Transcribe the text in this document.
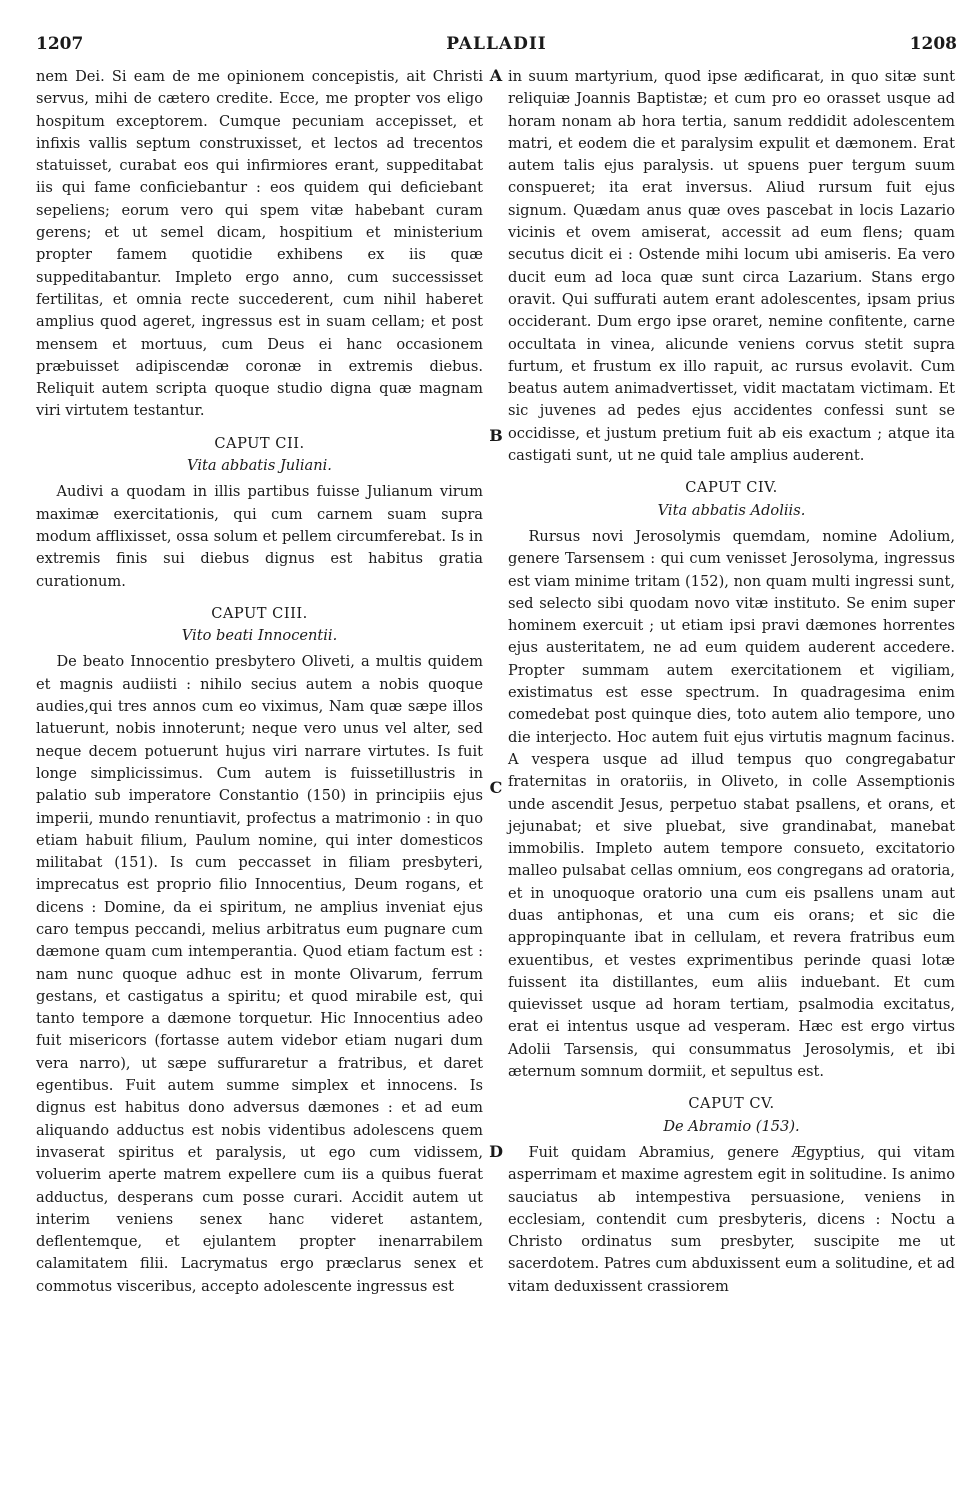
1207	PALLADII	1208

nem Dei. Si eam de me opinionem concepistis, ait Christi servus, mihi de cætero credite. Ecce, me propter vos eligo hospitum exceptorem. Cumque pecuniam accepisset, et infixis vallis septum construxisset, et lectos ad trecentos statuisset, curabat eos qui infirmiores erant, suppeditabat iis qui fame conficiebantur : eos quidem qui deficiebant sepeliens; eorum vero qui spem vitæ habebant curam gerens; et ut semel dicam, hospitium et ministerium propter famem quotidie exhibens ex iis quæ suppeditabantur. Impleto ergo anno, cum successisset fertilitas, et omnia recte succederent, cum nihil haberet amplius quod ageret, ingressus est in suam cellam; et post mensem et mortuus, cum Deus ei hanc occasionem præbuisset adipiscendæ coronæ in extremis diebus. Reliquit autem scripta quoque studio digna quæ magnam viri virtutem testantur.

CAPUT CII.
Vita abbatis Juliani.

Audivi a quodam in illis partibus fuisse Julianum virum maximæ exercitationis, qui cum carnem suam supra modum afflixisset, ossa solum et pellem circumferebat. Is in extremis finis sui diebus dignus est habitus gratia curationum.

CAPUT CIII.
Vito beati Innocentii.

De beato Innocentio presbytero Oliveti, a multis quidem et magnis audiisti : nihilo secius autem a nobis quoque audies,qui tres annos cum eo viximus, Nam quæ sæpe illos latuerunt, nobis innoterunt; neque vero unus vel alter, sed neque decem potuerunt hujus viri narrare virtutes. Is fuit longe simplicissimus. Cum autem is fuissetillustris in palatio sub imperatore Constantio (150) in principiis ejus imperii, mundo renuntiavit, profectus a matrimonio : in quo etiam habuit filium, Paulum nomine, qui inter domesticos militabat (151). Is cum peccasset in filiam presbyteri, imprecatus est proprio filio Innocentius, Deum rogans, et dicens : Domine, da ei spiritum, ne amplius inveniat ejus caro tempus peccandi, melius arbitratus eum pugnare cum dæmone quam cum intemperantia. Quod etiam factum est : nam nunc quoque adhuc est in monte Olivarum, ferrum gestans, et castigatus a spiritu; et quod mirabile est, qui tanto tempore a dæmone torquetur. Hic Innocentius adeo fuit misericors (fortasse autem videbor etiam nugari dum vera narro), ut sæpe suffuraretur a fratribus, et daret egentibus. Fuit autem summe simplex et innocens. Is dignus est habitus dono adversus dæmones : et ad eum aliquando adductus est nobis videntibus adolescens quem invaserat spiritus et paralysis, ut ego cum vidissem, voluerim aperte matrem expellere cum iis a quibus fuerat adductus, desperans cum posse curari. Accidit autem ut interim veniens senex hanc videret astantem, deflentemque, et ejulantem propter inenarrabilem calamitatem filii. Lacrymatus ergo præclarus senex et commotus visceribus, accepto adolescente ingressus est

A
B
C
D

in suum martyrium, quod ipse ædificarat, in quo sitæ sunt reliquiæ Joannis Baptistæ; et cum pro eo orasset usque ad horam nonam ab hora tertia, sanum reddidit adolescentem matri, et eodem die et paralysim expulit et dæmonem. Erat autem talis ejus paralysis. ut spuens puer tergum suum conspueret; ita erat inversus. Aliud rursum fuit ejus signum. Quædam anus quæ oves pascebat in locis Lazario vicinis et ovem amiserat, accessit ad eum flens; quam secutus dicit ei : Ostende mihi locum ubi amiseris. Ea vero ducit eum ad loca quæ sunt circa Lazarium. Stans ergo oravit. Qui suffurati autem erant adolescentes, ipsam prius occiderant. Dum ergo ipse oraret, nemine confitente, carne occultata in vinea, alicunde veniens corvus stetit supra furtum, et frustum ex illo rapuit, ac rursus evolavit. Cum beatus autem animadvertisset, vidit mactatam victimam. Et sic juvenes ad pedes ejus accidentes confessi sunt se occidisse, et justum pretium fuit ab eis exactum ; atque ita castigati sunt, ut ne quid tale amplius auderent.

CAPUT CIV.
Vita abbatis Adoliis.

Rursus novi Jerosolymis quemdam, nomine Adolium, genere Tarsensem : qui cum venisset Jerosolyma, ingressus est viam minime tritam (152), non quam multi ingressi sunt, sed selecto sibi quodam novo vitæ instituto. Se enim super hominem exercuit ; ut etiam ipsi pravi dæmones horrentes ejus austeritatem, ne ad eum quidem auderent accedere. Propter summam autem exercitationem et vigiliam, existimatus est esse spectrum. In quadragesima enim comedebat post quinque dies, toto autem alio tempore, uno die interjecto. Hoc autem fuit ejus virtutis magnum facinus. A vespera usque ad illud tempus quo congregabatur fraternitas in oratoriis, in Oliveto, in colle Assemptionis unde ascendit Jesus, perpetuo stabat psallens, et orans, et jejunabat; et sive pluebat, sive grandinabat, manebat immobilis. Impleto autem tempore consueto, excitatorio malleo pulsabat cellas omnium, eos congregans ad oratoria, et in unoquoque oratorio una cum eis psallens unam aut duas antiphonas, et una cum eis orans; et sic die appropinquante ibat in cellulam, et revera fratribus eum exuentibus, et vestes exprimentibus perinde quasi lotæ fuissent ita distillantes, eum aliis induebant. Et cum quievisset usque ad horam tertiam, psalmodia excitatus, erat ei intentus usque ad vesperam. Hæc est ergo virtus Adolii Tarsensis, qui consummatus Jerosolymis, et ibi æternum somnum dormiit, et sepultus est.

CAPUT CV.
De Abramio (153).

Fuit quidam Abramius, genere Ægyptius, qui vitam asperrimam et maxime agrestem egit in solitudine. Is animo sauciatus ab intempestiva persuasione, veniens in ecclesiam, contendit cum presbyteris, dicens : Noctu a Christo ordinatus sum presbyter, suscipite me ut sacerdotem. Patres cum abduxissent eum a solitudine, et ad vitam deduxissent crassiorem
